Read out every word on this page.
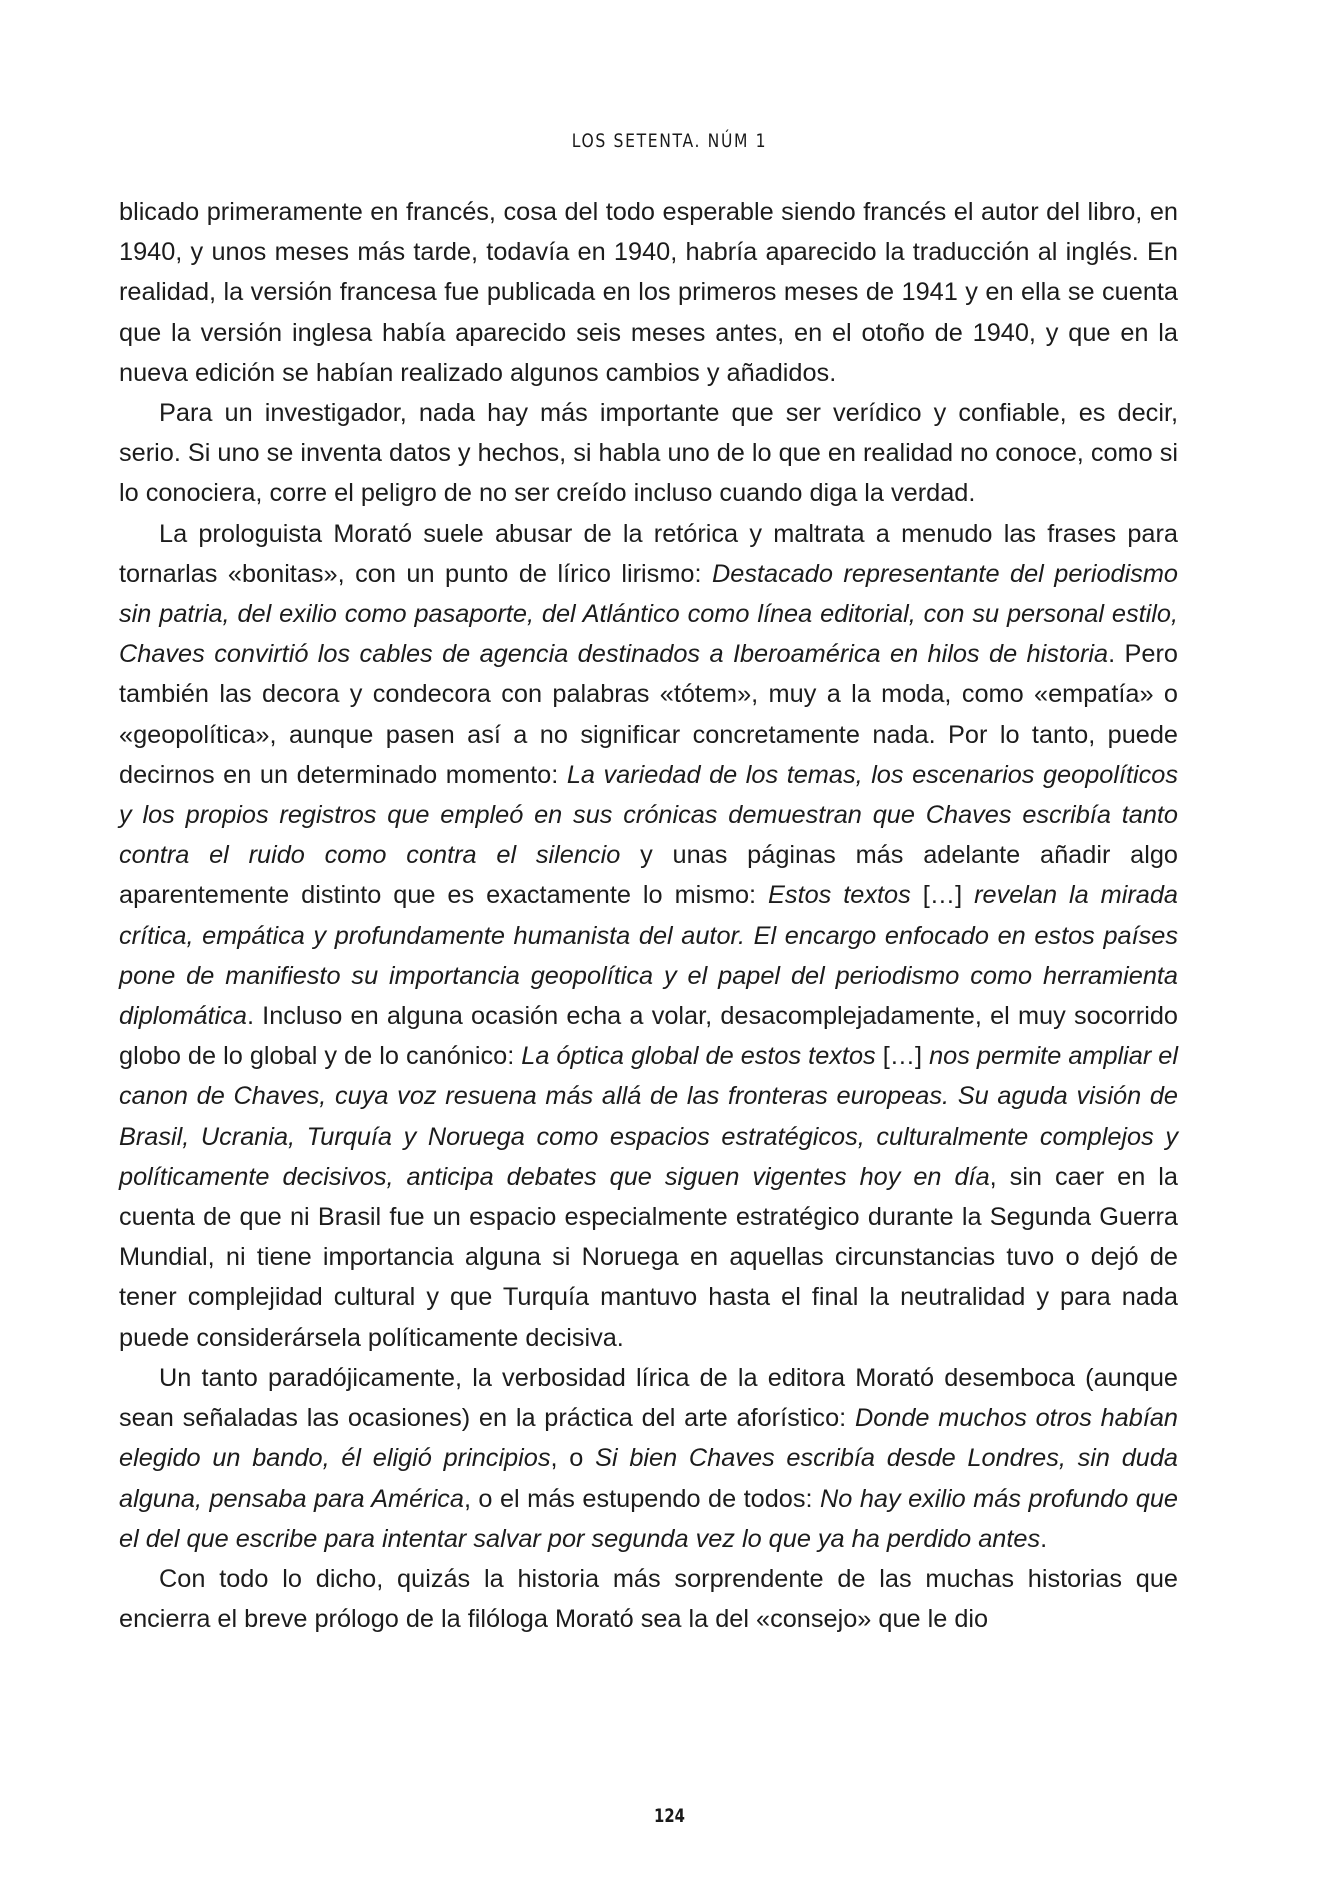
LOS SETENTA. NÚM 1

blicado primeramente en francés, cosa del todo esperable siendo francés el autor del libro, en 1940, y unos meses más tarde, todavía en 1940, habría aparecido la traducción al inglés. En realidad, la versión francesa fue publicada en los primeros meses de 1941 y en ella se cuenta que la versión inglesa había aparecido seis meses antes, en el otoño de 1940, y que en la nueva edición se habían realizado algunos cambios y añadidos.

Para un investigador, nada hay más importante que ser verídico y confiable, es decir, serio. Si uno se inventa datos y hechos, si habla uno de lo que en realidad no conoce, como si lo conociera, corre el peligro de no ser creído incluso cuando diga la verdad.

La prologuista Morató suele abusar de la retórica y maltrata a menudo las frases para tornarlas «bonitas», con un punto de lírico lirismo: Destacado representante del periodismo sin patria, del exilio como pasaporte, del Atlántico como línea editorial, con su personal estilo, Chaves convirtió los cables de agencia destinados a Iberoamérica en hilos de historia. Pero también las decora y condecora con palabras «tótem», muy a la moda, como «empatía» o «geopolítica», aunque pasen así a no significar concretamente nada. Por lo tanto, puede decirnos en un determinado momento: La variedad de los temas, los escenarios geopolíticos y los propios registros que empleó en sus crónicas demuestran que Chaves escribía tanto contra el ruido como contra el silencio y unas páginas más adelante añadir algo aparentemente distinto que es exactamente lo mismo: Estos textos […] revelan la mirada crítica, empática y profundamente humanista del autor. El encargo enfocado en estos países pone de manifiesto su importancia geopolítica y el papel del periodismo como herramienta diplomática. Incluso en alguna ocasión echa a volar, desacomplejadamente, el muy socorrido globo de lo global y de lo canónico: La óptica global de estos textos […] nos permite ampliar el canon de Chaves, cuya voz resuena más allá de las fronteras europeas. Su aguda visión de Brasil, Ucrania, Turquía y Noruega como espacios estratégicos, culturalmente complejos y políticamente decisivos, anticipa debates que siguen vigentes hoy en día, sin caer en la cuenta de que ni Brasil fue un espacio especialmente estratégico durante la Segunda Guerra Mundial, ni tiene importancia alguna si Noruega en aquellas circunstancias tuvo o dejó de tener complejidad cultural y que Turquía mantuvo hasta el final la neutralidad y para nada puede considerársela políticamente decisiva.

Un tanto paradójicamente, la verbosidad lírica de la editora Morató desemboca (aunque sean señaladas las ocasiones) en la práctica del arte aforístico: Donde muchos otros habían elegido un bando, él eligió principios, o Si bien Chaves escribía desde Londres, sin duda alguna, pensaba para América, o el más estupendo de todos: No hay exilio más profundo que el del que escribe para intentar salvar por segunda vez lo que ya ha perdido antes.

Con todo lo dicho, quizás la historia más sorprendente de las muchas historias que encierra el breve prólogo de la filóloga Morató sea la del «consejo» que le dio

124
